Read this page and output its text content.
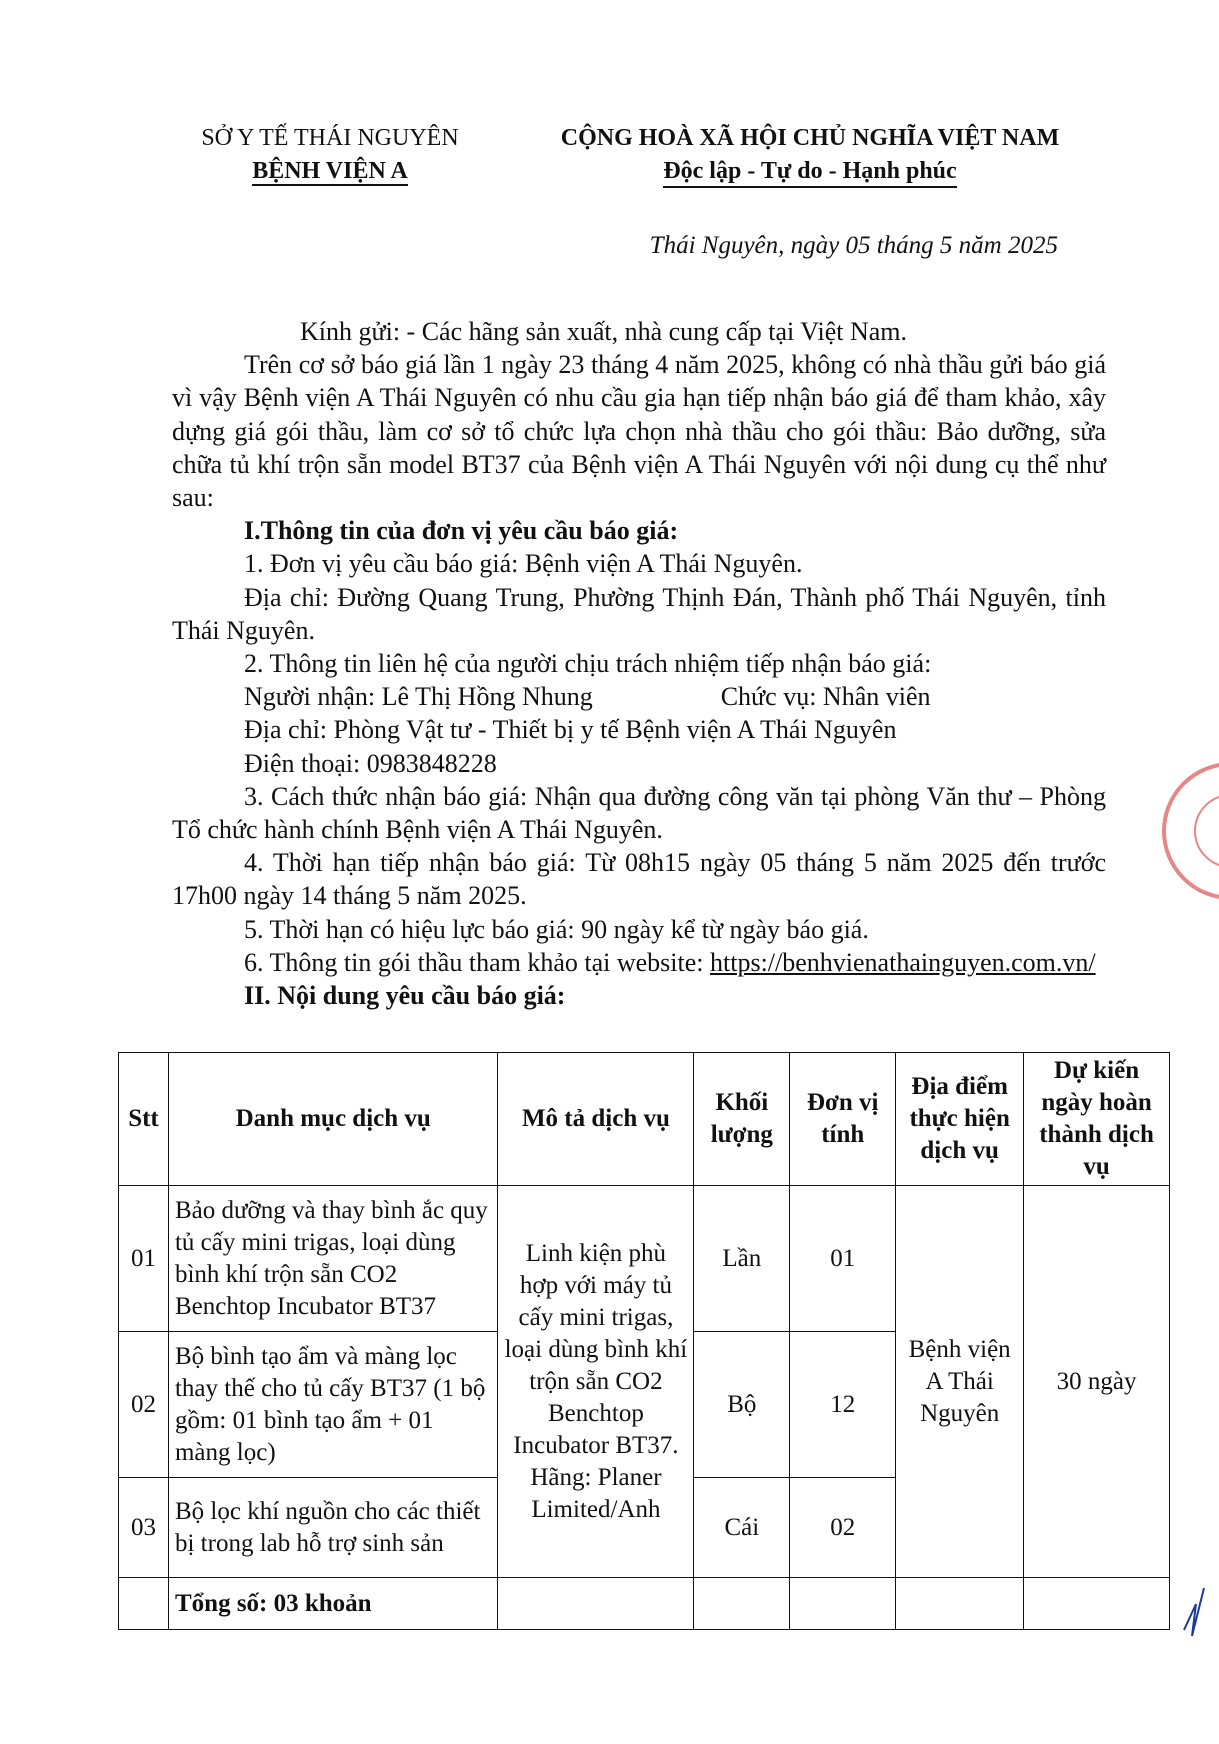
SỞ Y TẾ THÁI NGUYÊN
BỆNH VIỆN A
CỘNG HOÀ XÃ HỘI CHỦ NGHĨA VIỆT NAM
Độc lập - Tự do - Hạnh phúc
Thái Nguyên, ngày 05 tháng 5 năm 2025

Kính gửi: - Các hãng sản xuất, nhà cung cấp tại Việt Nam.

Trên cơ sở báo giá lần 1 ngày 23 tháng 4 năm 2025, không có nhà thầu gửi báo giá vì vậy Bệnh viện A Thái Nguyên có nhu cầu gia hạn tiếp nhận báo giá để tham khảo, xây dựng giá gói thầu, làm cơ sở tổ chức lựa chọn nhà thầu cho gói thầu: Bảo dưỡng, sửa chữa tủ khí trộn sẵn model BT37 của Bệnh viện A Thái Nguyên với nội dung cụ thể như sau:

I.Thông tin của đơn vị yêu cầu báo giá:

1. Đơn vị yêu cầu báo giá: Bệnh viện A Thái Nguyên.

Địa chỉ: Đường Quang Trung, Phường Thịnh Đán, Thành phố Thái Nguyên, tỉnh Thái Nguyên.

2. Thông tin liên hệ của người chịu trách nhiệm tiếp nhận báo giá:

Người nhận: Lê Thị Hồng Nhung	Chức vụ: Nhân viên

Địa chỉ: Phòng Vật tư - Thiết bị y tế Bệnh viện A Thái Nguyên

Điện thoại: 0983848228

3. Cách thức nhận báo giá: Nhận qua đường công văn tại phòng Văn thư – Phòng Tổ chức hành chính Bệnh viện A Thái Nguyên.

4. Thời hạn tiếp nhận báo giá: Từ 08h15 ngày 05 tháng 5 năm 2025 đến trước 17h00 ngày 14 tháng 5 năm 2025.

5. Thời hạn có hiệu lực báo giá: 90 ngày kể từ ngày báo giá.

6. Thông tin gói thầu tham khảo tại website: https://benhvienathainguyen.com.vn/

II. Nội dung yêu cầu báo giá:

Stt	Danh mục dịch vụ	Mô tả dịch vụ	Khối lượng	Đơn vị tính	Địa điểm thực hiện dịch vụ	Dự kiến ngày hoàn thành dịch vụ
01	Bảo dưỡng và thay bình ắc quy tủ cấy mini trigas, loại dùng bình khí trộn sẵn CO2 Benchtop Incubator BT37	Linh kiện phù hợp với máy tủ cấy mini trigas, loại dùng bình khí trộn sẵn CO2 Benchtop Incubator BT37. Hãng: Planer Limited/Anh	Lần	01	Bệnh viện A Thái Nguyên	30 ngày
02	Bộ bình tạo ẩm và màng lọc thay thế cho tủ cấy BT37 (1 bộ gồm: 01 bình tạo ẩm + 01 màng lọc)		Bộ	12		
03	Bộ lọc khí nguồn cho các thiết bị trong lab hỗ trợ sinh sản		Cái	02		
	Tổng số: 03 khoản					
